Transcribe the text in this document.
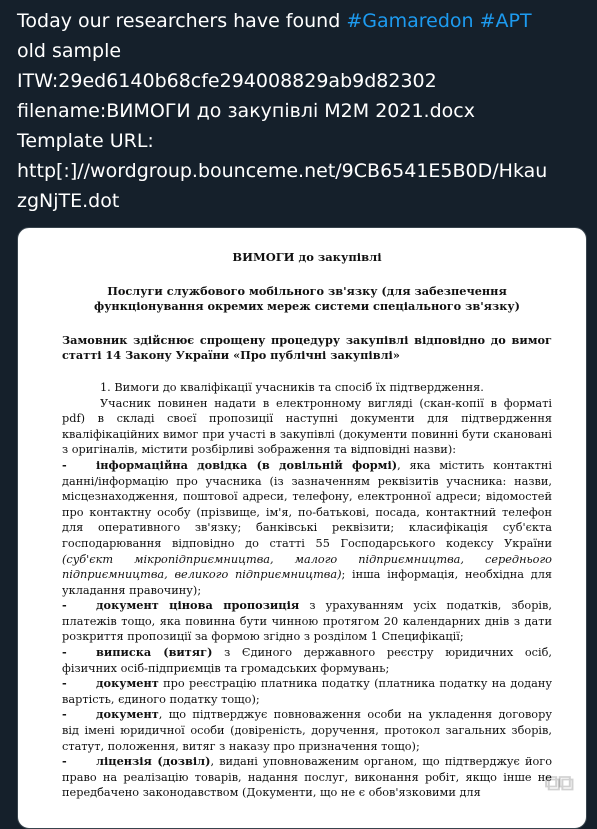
Today our researchers have found #Gamaredon #APT
old sample
ITW:29ed6140b68cfe294008829ab9d82302
filename:ВИМОГИ до закупівлі М2М 2021.docx
Template URL:
http[:]//wordgroup.bounceme.net/9CB6541E5B0D/Hkau
zgNjTE.dot
ВИМОГИ до закупівлі
Послуги службового мобільного зв'язку (для забезпечення функціонування окремих мереж системи спеціального зв'язку)
Замовник здійснює спрощену процедуру закупівлі відповідно до вимог статті 14 Закону України «Про публічні закупівлі»
1. Вимоги до кваліфікації учасників та спосіб їх підтвердження.
Учасник повинен надати в електронному вигляді (скан-копії в форматі pdf) в складі своєї пропозиції наступні документи для підтвердження кваліфікаційних вимог при участі в закупівлі (документи повинні бути скановані з оригіналів, містити розбірливі зображення та відповідні назви):
-	інформаційна довідка (в довільній формі), яка містить контактні данні/інформацію про учасника (із зазначенням реквізитів учасника: назви, місцезнаходження, поштової адреси, телефону, електронної адреси; відомостей про контактну особу (прізвище, ім'я, по-батькові, посада, контактний телефон для оперативного зв'язку; банківські реквізити; класифікація суб'єкта господарювання відповідно до статті 55 Господарського кодексу України (суб'єкт мікропідприємництва, малого підприємництва, середнього підприємництва, великого підприємництва); інша інформація, необхідна для укладання правочину);
-	документ цінова пропозиція з урахуванням усіх податків, зборів, платежів тощо, яка повинна бути чинною протягом 20 календарних днів з дати розкриття пропозиції за формою згідно з розділом 1 Специфікації;
-	виписка (витяг) з Єдиного державного реєстру юридичних осіб, фізичних осіб-підприємців та громадських формувань;
-	документ про реєстрацію платника податку (платника податку на додану вартість, єдиного податку тощо);
-	документ, що підтверджує повноваження особи на укладення договору від імені юридичної особи (довіреність, доручення, протокол загальних зборів, статут, положення, витяг з наказу про призначення тощо);
-	ліцензія (дозвіл), видані уповноваженим органом, що підтверджує його право на реалізацію товарів, надання послуг, виконання робіт, якщо інше не передбачено законодавством (Документи, що не є обов'язковими для	⧉⧉
